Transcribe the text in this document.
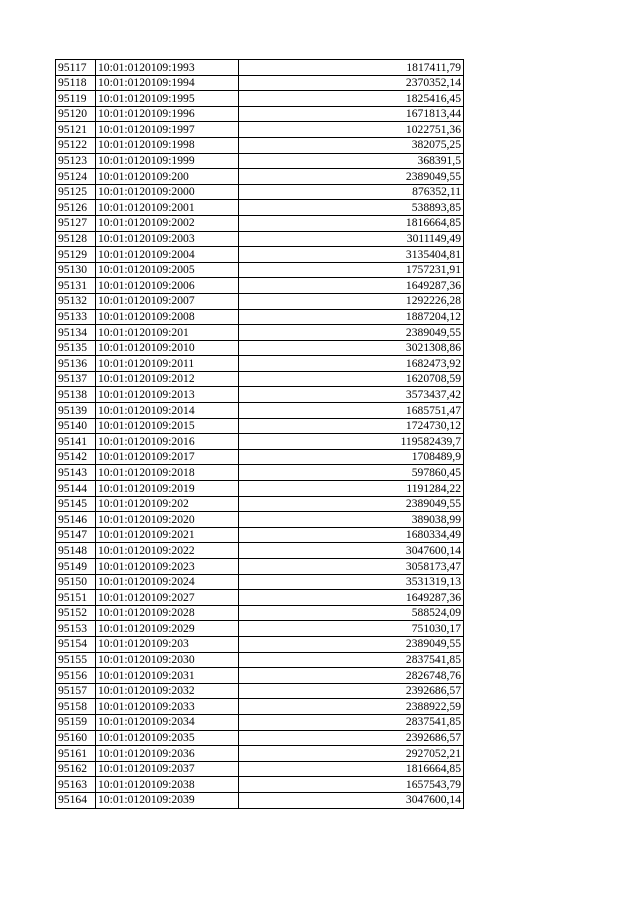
95117	10:01:0120109:1993	1817411,79
95118	10:01:0120109:1994	2370352,14
95119	10:01:0120109:1995	1825416,45
95120	10:01:0120109:1996	1671813,44
95121	10:01:0120109:1997	1022751,36
95122	10:01:0120109:1998	382075,25
95123	10:01:0120109:1999	368391,5
95124	10:01:0120109:200	2389049,55
95125	10:01:0120109:2000	876352,11
95126	10:01:0120109:2001	538893,85
95127	10:01:0120109:2002	1816664,85
95128	10:01:0120109:2003	3011149,49
95129	10:01:0120109:2004	3135404,81
95130	10:01:0120109:2005	1757231,91
95131	10:01:0120109:2006	1649287,36
95132	10:01:0120109:2007	1292226,28
95133	10:01:0120109:2008	1887204,12
95134	10:01:0120109:201	2389049,55
95135	10:01:0120109:2010	3021308,86
95136	10:01:0120109:2011	1682473,92
95137	10:01:0120109:2012	1620708,59
95138	10:01:0120109:2013	3573437,42
95139	10:01:0120109:2014	1685751,47
95140	10:01:0120109:2015	1724730,12
95141	10:01:0120109:2016	119582439,7
95142	10:01:0120109:2017	1708489,9
95143	10:01:0120109:2018	597860,45
95144	10:01:0120109:2019	1191284,22
95145	10:01:0120109:202	2389049,55
95146	10:01:0120109:2020	389038,99
95147	10:01:0120109:2021	1680334,49
95148	10:01:0120109:2022	3047600,14
95149	10:01:0120109:2023	3058173,47
95150	10:01:0120109:2024	3531319,13
95151	10:01:0120109:2027	1649287,36
95152	10:01:0120109:2028	588524,09
95153	10:01:0120109:2029	751030,17
95154	10:01:0120109:203	2389049,55
95155	10:01:0120109:2030	2837541,85
95156	10:01:0120109:2031	2826748,76
95157	10:01:0120109:2032	2392686,57
95158	10:01:0120109:2033	2388922,59
95159	10:01:0120109:2034	2837541,85
95160	10:01:0120109:2035	2392686,57
95161	10:01:0120109:2036	2927052,21
95162	10:01:0120109:2037	1816664,85
95163	10:01:0120109:2038	1657543,79
95164	10:01:0120109:2039	3047600,14
